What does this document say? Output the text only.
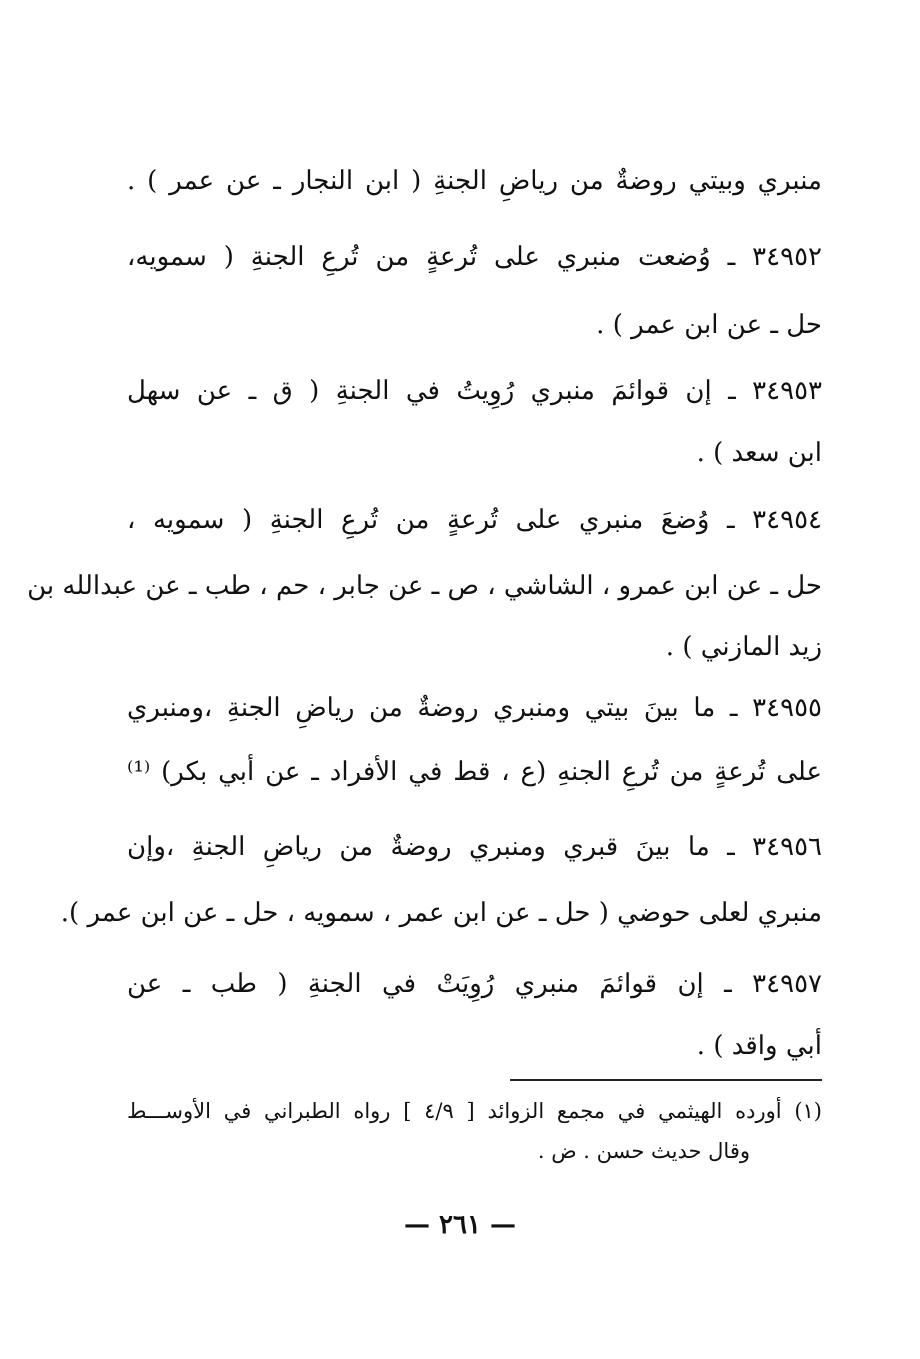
منبري وبيتي روضةٌ من رياضِ الجنةِ ( ابن النجار ـ عن عمر ) .
٣٤٩٥٢ ـ وُضعت منبري على تُرعةٍ من تُرعِ الجنةِ ( سمويه،
حل ـ عن ابن عمر ) .
٣٤٩٥٣ ـ إن قوائمَ منبري رُوِيتُ في الجنةِ ( ق ـ عن سهل
ابن سعد ) .
٣٤٩٥٤ ـ وُضعَ منبري على تُرعةٍ من تُرعِ الجنةِ ( سمويه ،
حل ـ عن ابن عمرو ، الشاشي ، ص ـ عن جابر ، حم ، طب ـ عن عبدالله بن
زيد المازني ) .
٣٤٩٥٥ ـ ما بينَ بيتي ومنبري روضةٌ من رياضِ الجنةِ ،ومنبري
على تُرعةٍ من تُرعِ الجنهِ (ع ، قط في الأفراد ـ عن أبي بكر) ⁽¹⁾
٣٤٩٥٦ ـ ما بينَ قبري ومنبري روضةٌ من رياضِ الجنةِ ،وإن
منبري لعلى حوضي ( حل ـ عن ابن عمر ، سمويه ، حل ـ عن ابن عمر ).
٣٤٩٥٧ ـ إن قوائمَ منبري رُوِيَتْ في الجنةِ ( طب ـ عن
أبي واقد ) .
(١) أورده الهيثمي في مجمع الزوائد [ ٤/٩ ] رواه الطبراني في الأوســـط
وقال حديث حسن . ض .
— ٢٦١ —
